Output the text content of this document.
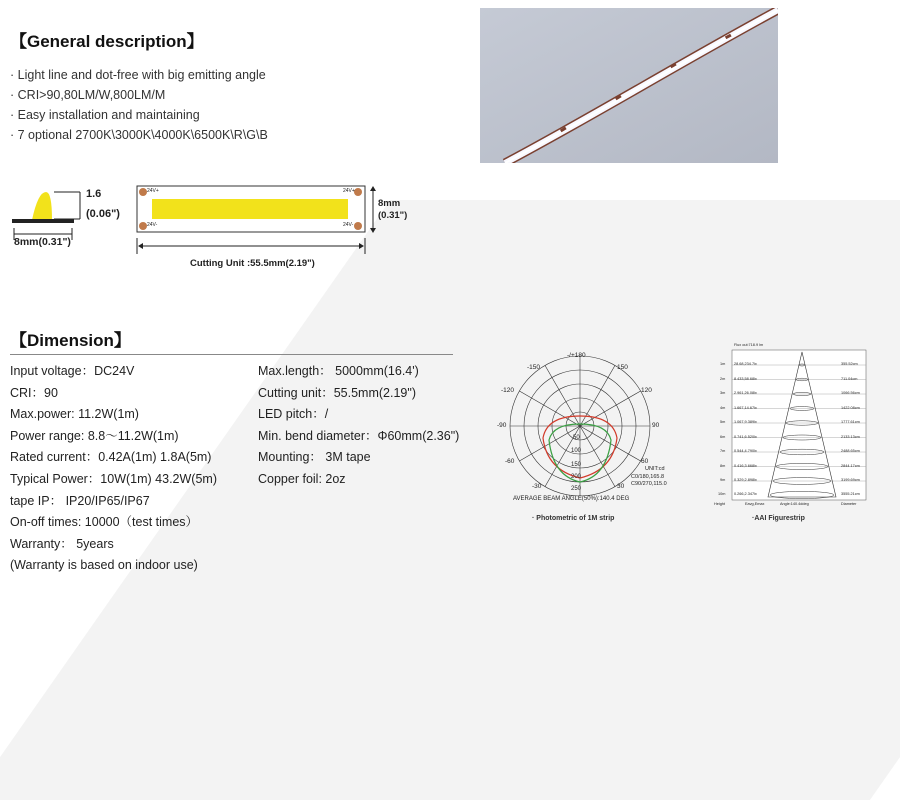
【General description】
· Light line and dot-free with big emitting angle
· CRI>90,80LM/W,800LM/M
· Easy installation and maintaining
· 7 optional 2700K\3000K\4000K\6500K\R\G\B
1.6
(0.06")
8mm(0.31")
24V+	24V+
24V-	24V-
8mm
(0.31")
Cutting Unit :55.5mm(2.19")
【Dimension】
Input voltage：DC24V
CRI：90
Max.power: 11.2W(1m)
Power range: 8.8～11.2W(1m)
Rated current：0.42A(1m) 1.8A(5m)
Typical Power：10W(1m) 43.2W(5m)
tape IP： IP20/IP65/IP67
On-off times: 10000（test times）
Warranty： 5years
(Warranty is based on indoor use)
Max.length： 5000mm(16.4')
Cutting unit：55.5mm(2.19")
LED pitch：/
Min. bend diameter：Φ60mm(2.36")
Mounting： 3M tape
Copper foil: 2oz
-/+180
-150	150
-120	120
-90	90
-60	60
-30	30
50
100
150
200
250
UNIT:cd
C0/180,165.8
C90/270,115.0
AVERAGE BEAM ANGLE(50%):140.4 DEG
· Photometric of 1M strip
Flux out:718.9 lm
1m 28.68,234.7lx	355.52cm
2m 8.433,58.68lx	711.04cm
3m 2.961,26.08lx	1066.56cm
4m 1.667,14.67lx	1422.08cm
5m 1.067,9.389lx	1777.61cm
6m 0.741,6.520lx	2133.13cm
7m 0.544,4.790lx	2488.65cm
8m 0.416,3.668lx	2844.17cm
9m 0.329,2.898lx	3199.69cm
10m 0.266,2.347lx	3555.21cm
Height	Eavg,Emax	Angle:140.4ddeg	Diameter
·AAI Figurestrip
